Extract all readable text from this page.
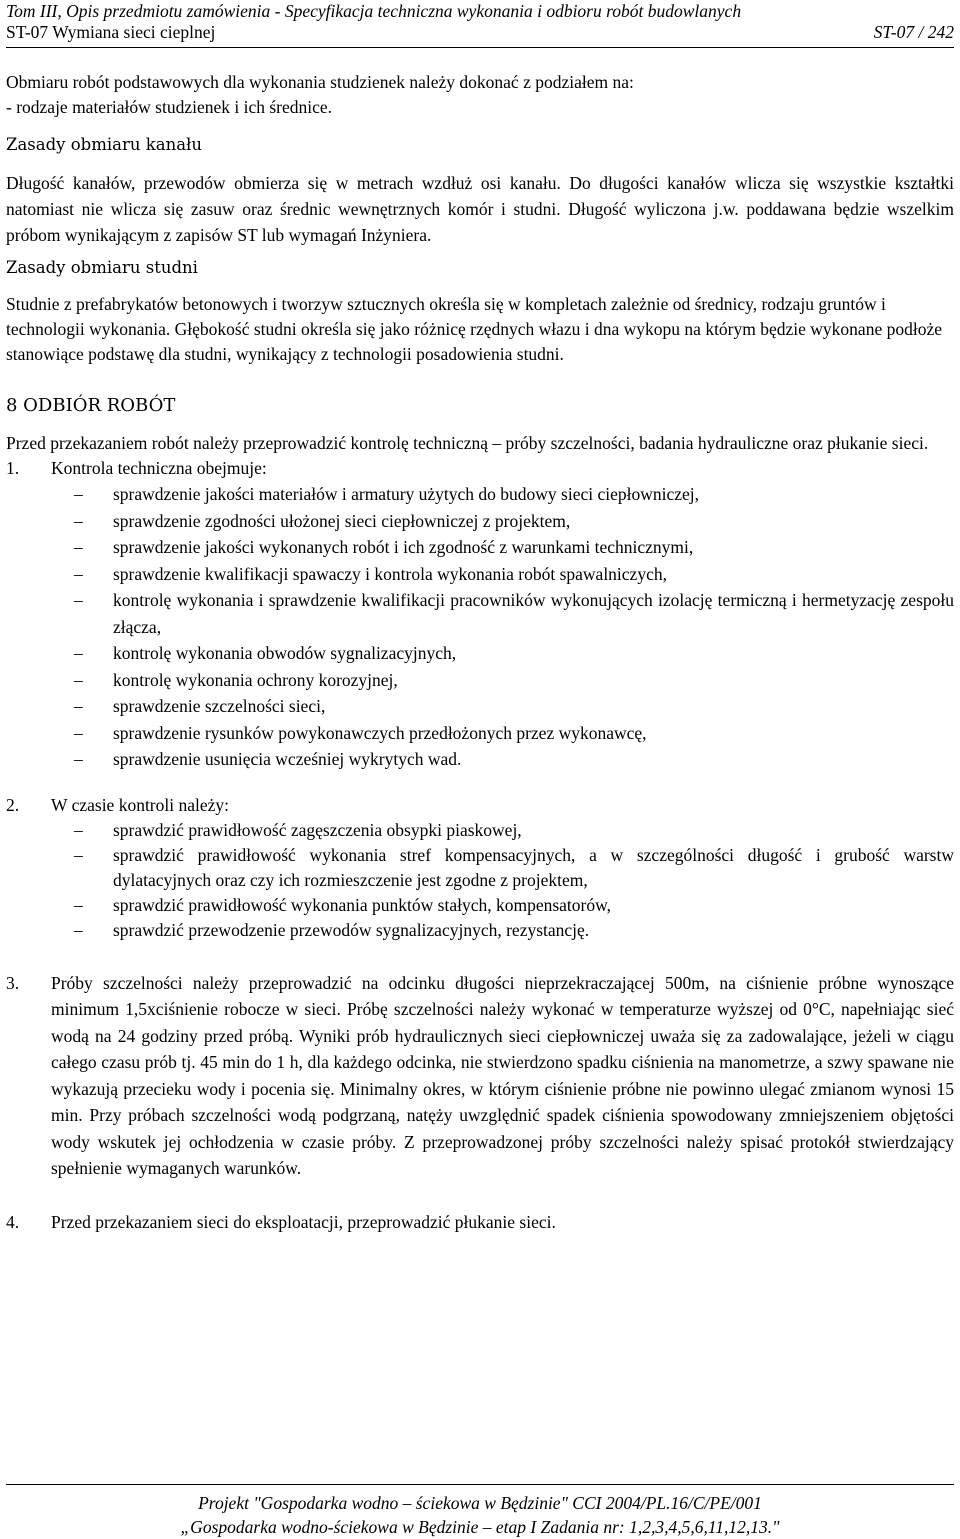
Tom III, Opis przedmiotu zamówienia - Specyfikacja techniczna wykonania i odbioru robót budowlanych
ST-07 Wymiana sieci cieplnej	ST-07 / 242

Obmiaru robót podstawowych dla wykonania studzienek należy dokonać z podziałem na:

- rodzaje materiałów studzienek i ich średnice.

Zasady obmiaru kanału

Długość kanałów, przewodów obmierza się w metrach wzdłuż osi kanału. Do długości kanałów wlicza się wszystkie kształtki natomiast nie wlicza się zasuw oraz średnic wewnętrznych komór i studni. Długość wyliczona j.w. poddawana będzie wszelkim próbom wynikającym z zapisów ST lub wymagań Inżyniera.

Zasady obmiaru studni

Studnie z prefabrykatów betonowych i tworzyw sztucznych określa się w kompletach zależnie od średnicy, rodzaju gruntów i technologii wykonania. Głębokość studni określa się jako różnicę rzędnych włazu i dna wykopu na którym będzie wykonane podłoże stanowiące podstawę dla studni, wynikający z technologii posadowienia studni.

8 ODBIÓR ROBÓT

Przed przekazaniem robót należy przeprowadzić kontrolę techniczną – próby szczelności, badania hydrauliczne oraz płukanie sieci.

1. Kontrola techniczna obejmuje:
– sprawdzenie jakości materiałów i armatury użytych do budowy sieci ciepłowniczej,
– sprawdzenie zgodności ułożonej sieci ciepłowniczej z projektem,
– sprawdzenie jakości wykonanych robót i ich zgodność z warunkami technicznymi,
– sprawdzenie kwalifikacji spawaczy i kontrola wykonania robót spawalniczych,
– kontrolę wykonania i sprawdzenie kwalifikacji pracowników wykonujących izolację termiczną i hermetyzację zespołu złącza,
– kontrolę wykonania obwodów sygnalizacyjnych,
– kontrolę wykonania ochrony korozyjnej,
– sprawdzenie szczelności sieci,
– sprawdzenie rysunków powykonawczych przedłożonych przez wykonawcę,
– sprawdzenie usunięcia wcześniej wykrytych wad.
2. W czasie kontroli należy:
– sprawdzić prawidłowość zagęszczenia obsypki piaskowej,
– sprawdzić prawidłowość wykonania stref kompensacyjnych, a w szczególności długość i grubość warstw dylatacyjnych oraz czy ich rozmieszczenie jest zgodne z projektem,
– sprawdzić prawidłowość wykonania punktów stałych, kompensatorów,
– sprawdzić przewodzenie przewodów sygnalizacyjnych, rezystancję.
3. Próby szczelności należy przeprowadzić na odcinku długości nieprzekraczającej 500m, na ciśnienie próbne wynoszące minimum 1,5xciśnienie robocze w sieci. Próbę szczelności należy wykonać w temperaturze wyższej od 0°C, napełniając sieć wodą na 24 godziny przed próbą. Wyniki prób hydraulicznych sieci ciepłowniczej uważa się za zadowalające, jeżeli w ciągu całego czasu prób tj. 45 min do 1 h, dla każdego odcinka, nie stwierdzono spadku ciśnienia na manometrze, a szwy spawane nie wykazują przecieku wody i pocenia się. Minimalny okres, w którym ciśnienie próbne nie powinno ulegać zmianom wynosi 15 min. Przy próbach szczelności wodą podgrzaną, natęży uwzględnić spadek ciśnienia spowodowany zmniejszeniem objętości wody wskutek jej ochłodzenia w czasie próby. Z przeprowadzonej próby szczelności należy spisać protokół stwierdzający spełnienie wymaganych warunków.

4. Przed przekazaniem sieci do eksploatacji, przeprowadzić płukanie sieci.
Projekt "Gospodarka wodno – ściekowa w Będzinie" CCI 2004/PL.16/C/PE/001
„Gospodarka wodno-ściekowa w Będzinie – etap I Zadania nr: 1,2,3,4,5,6,11,12,13."
